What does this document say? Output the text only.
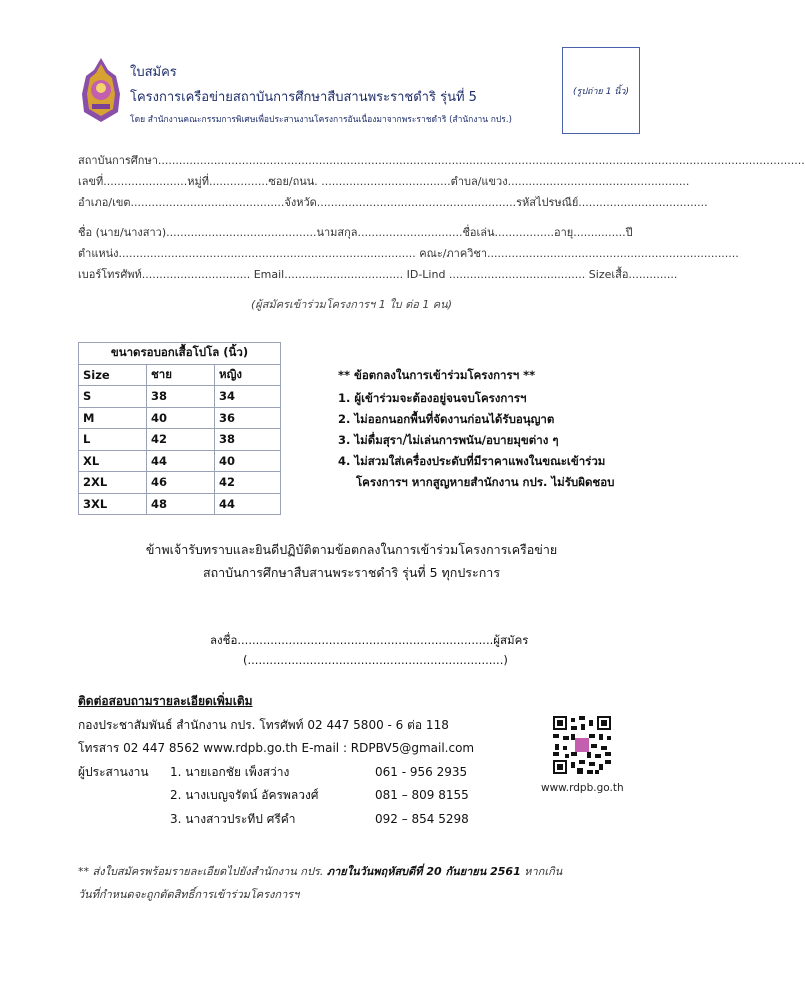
ใบสมัคร
โครงการเครือข่ายสถาบันการศึกษาสืบสานพระราชดำริ รุ่นที่ 5
โดย สำนักงานคณะกรรมการพิเศษเพื่อประสานงานโครงการอันเนื่องมาจากพระราชดำริ (สำนักงาน กปร.)
(รูปถ่าย 1 นิ้ว)
สถาบันการศึกษา.........................................................................................................................................................................................
เลขที่........................หมู่ที่.................ซอย/ถนน. .....................................ตำบล/แขวง....................................................
อำเภอ/เขต............................................จังหวัด.........................................................รหัสไปรษณีย์.....................................
ชื่อ (นาย/นางสาว)...........................................นามสกุล..............................ชื่อเล่น.................อายุ...............ปี
ตำแหน่ง..................................................................................... คณะ/ภาควิชา........................................................................
เบอร์โทรศัพท์............................... Email.................................. ID-Lind ....................................... Sizeเสื้อ..............
(ผู้สมัครเข้าร่วมโครงการฯ 1 ใบ ต่อ 1 คน)
ขนาดรอบอกเสื้อโปโล (นิ้ว)		
Size	ชาย	หญิง
S	38	34
M	40	36
L	42	38
XL	44	40
2XL	46	42
3XL	48	44
** ข้อตกลงในการเข้าร่วมโครงการฯ **
1. ผู้เข้าร่วมจะต้องอยู่จนจบโครงการฯ
2. ไม่ออกนอกพื้นที่จัดงานก่อนได้รับอนุญาต
3. ไม่ดื่มสุรา/ไม่เล่นการพนัน/อบายมุขต่าง ๆ
4. ไม่สวมใส่เครื่องประดับที่มีราคาแพงในขณะเข้าร่วม
โครงการฯ หากสูญหายสำนักงาน กปร. ไม่รับผิดชอบ
ข้าพเจ้ารับทราบและยินดีปฏิบัติตามข้อตกลงในการเข้าร่วมโครงการเครือข่าย
สถาบันการศึกษาสืบสานพระราชดำริ รุ่นที่ 5 ทุกประการ
ลงชื่อ......................................................................ผู้สมัคร
(......................................................................)
ติดต่อสอบถามรายละเอียดเพิ่มเติม
กองประชาสัมพันธ์ สำนักงาน กปร. โทรศัพท์ 02 447 5800 - 6 ต่อ 118
โทรสาร 02 447 8562 www.rdpb.go.th E-mail : RDPBV5@gmail.com
ผู้ประสานงาน	1. นายเอกชัย เพ็งสว่าง	061 - 956 2935
2. นางเบญจรัตน์ อัครพลวงศ์	081 – 809 8155
3. นางสาวประทีป ศรีคำ	092 – 854 5298
www.rdpb.go.th
** ส่งใบสมัครพร้อมรายละเอียดไปยังสำนักงาน กปร. ภายในวันพฤหัสบดีที่ 20 กันยายน 2561 หากเกิน
วันที่กำหนดจะถูกตัดสิทธิ์การเข้าร่วมโครงการฯ
